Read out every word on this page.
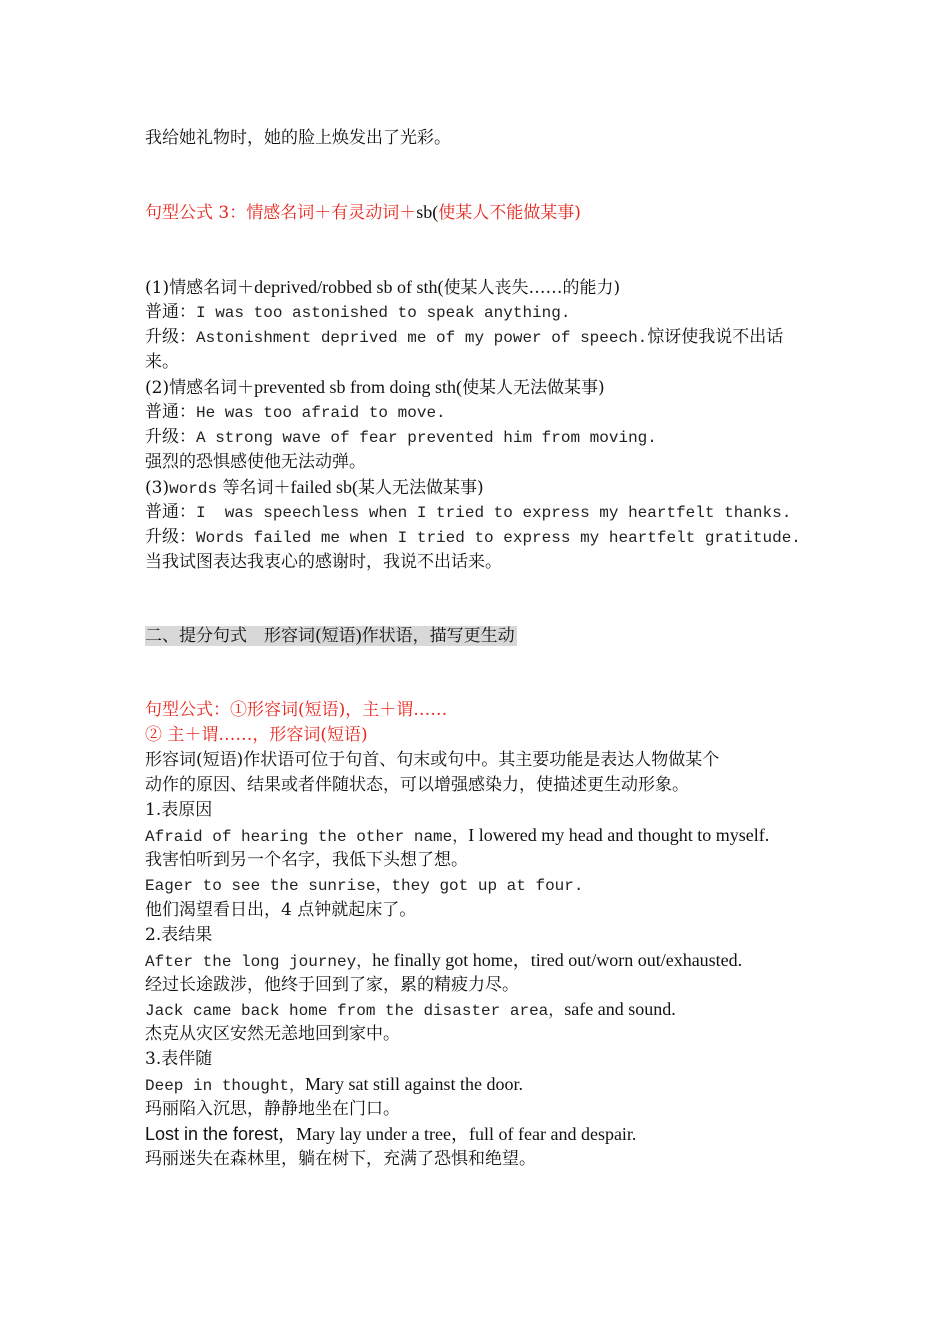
我给她礼物时，她的脸上焕发出了光彩。
句型公式 3：情感名词＋有灵动词＋sb(使某人不能做某事)
(1)情感名词＋deprived/robbed sb of sth(使某人丧失……的能力)
普通：I was too astonished to speak anything.
升级：Astonishment deprived me of my power of speech.惊讶使我说不出话
来。
(2)情感名词＋prevented sb from doing sth(使某人无法做某事)
普通：He was too afraid to move.
升级：A strong wave of fear prevented him from moving.
强烈的恐惧感使他无法动弹。
(3)words 等名词＋failed sb(某人无法做某事)
普通：I  was speechless when I tried to express my heartfelt thanks.
升级：Words failed me when I tried to express my heartfelt gratitude.
当我试图表达我衷心的感谢时，我说不出话来。
二、提分句式　形容词(短语)作状语，描写更生动
句型公式：①形容词(短语)，主＋谓……
② 主＋谓……，形容词(短语)
形容词(短语)作状语可位于句首、句末或句中。其主要功能是表达人物做某个
动作的原因、结果或者伴随状态，可以增强感染力，使描述更生动形象。
1.表原因
Afraid of hearing the other name，I lowered my head and thought to myself.
我害怕听到另一个名字，我低下头想了想。
Eager to see the sunrise，they got up at four.
他们渴望看日出，4 点钟就起床了。
2.表结果
After the long journey，he finally got home，tired out/worn out/exhausted.
经过长途跋涉，他终于回到了家，累的精疲力尽。
Jack came back home from the disaster area，safe and sound.
杰克从灾区安然无恙地回到家中。
3.表伴随
Deep in thought，Mary sat still against the door.
玛丽陷入沉思，静静地坐在门口。
Lost in the forest，Mary lay under a tree，full of fear and despair.
玛丽迷失在森林里，躺在树下，充满了恐惧和绝望。
